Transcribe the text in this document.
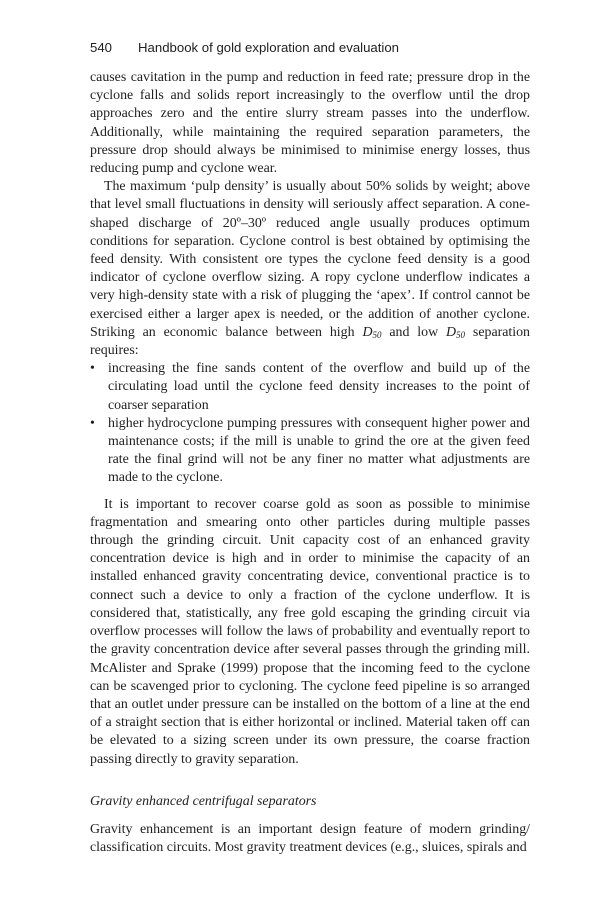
540 Handbook of gold exploration and evaluation

causes cavitation in the pump and reduction in feed rate; pressure drop in the cyclone falls and solids report increasingly to the overflow until the drop approaches zero and the entire slurry stream passes into the underflow. Additionally, while maintaining the required separation parameters, the pressure drop should always be minimised to minimise energy losses, thus reducing pump and cyclone wear.

The maximum ‘pulp density’ is usually about 50% solids by weight; above that level small fluctuations in density will seriously affect separation. A cone-shaped discharge of 20º–30º reduced angle usually produces optimum conditions for separation. Cyclone control is best obtained by optimising the feed density. With consistent ore types the cyclone feed density is a good indicator of cyclone overflow sizing. A ropy cyclone underflow indicates a very high-density state with a risk of plugging the ‘apex’. If control cannot be exercised either a larger apex is needed, or the addition of another cyclone. Striking an economic balance between high $D_{50}$ and low $D_{50}$ separation requires:

• increasing the fine sands content of the overflow and build up of the circulating load until the cyclone feed density increases to the point of coarser separation
• higher hydrocyclone pumping pressures with consequent higher power and maintenance costs; if the mill is unable to grind the ore at the given feed rate the final grind will not be any finer no matter what adjustments are made to the cyclone.

It is important to recover coarse gold as soon as possible to minimise fragmentation and smearing onto other particles during multiple passes through the grinding circuit. Unit capacity cost of an enhanced gravity concentration device is high and in order to minimise the capacity of an installed enhanced gravity concentrating device, conventional practice is to connect such a device to only a fraction of the cyclone underflow. It is considered that, statistically, any free gold escaping the grinding circuit via overflow processes will follow the laws of probability and eventually report to the gravity concentration device after several passes through the grinding mill. McAlister and Sprake (1999) propose that the incoming feed to the cyclone can be scavenged prior to cycloning. The cyclone feed pipeline is so arranged that an outlet under pressure can be installed on the bottom of a line at the end of a straight section that is either horizontal or inclined. Material taken off can be elevated to a sizing screen under its own pressure, the coarse fraction passing directly to gravity separation.

Gravity enhanced centrifugal separators

Gravity enhancement is an important design feature of modern grinding/ classification circuits. Most gravity treatment devices (e.g., sluices, spirals and
